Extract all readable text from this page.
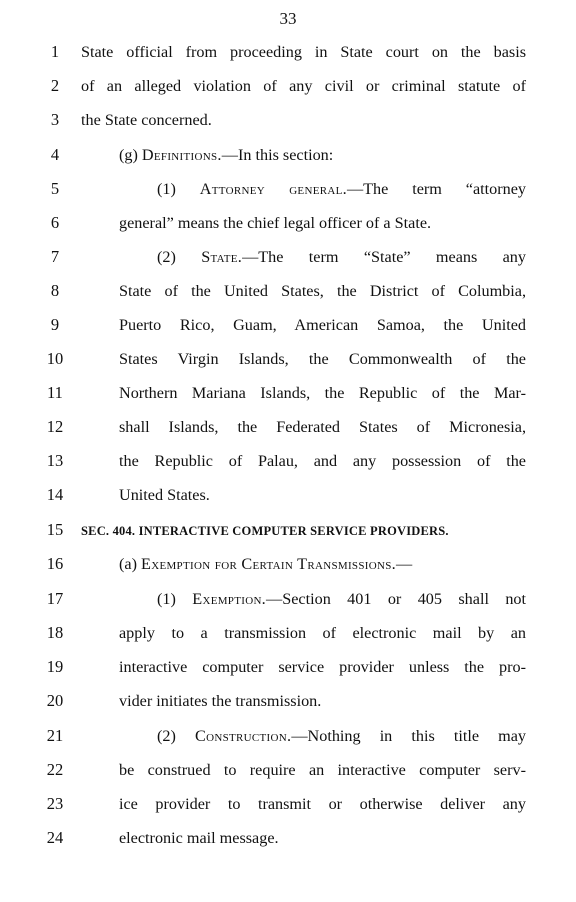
33
1	State official from proceeding in State court on the basis
2	of an alleged violation of any civil or criminal statute of
3	the State concerned.
4	(g) Definitions.—In this section:
5	(1) Attorney general.—The term “attorney
6	general” means the chief legal officer of a State.
7	(2) State.—The term “State” means any
8	State of the United States, the District of Columbia,
9	Puerto Rico, Guam, American Samoa, the United
10	States Virgin Islands, the Commonwealth of the
11	Northern Mariana Islands, the Republic of the Mar-
12	shall Islands, the Federated States of Micronesia,
13	the Republic of Palau, and any possession of the
14	United States.
15	SEC. 404. INTERACTIVE COMPUTER SERVICE PROVIDERS.
16	(a) Exemption for Certain Transmissions.—
17	(1) Exemption.—Section 401 or 405 shall not
18	apply to a transmission of electronic mail by an
19	interactive computer service provider unless the pro-
20	vider initiates the transmission.
21	(2) Construction.—Nothing in this title may
22	be construed to require an interactive computer serv-
23	ice provider to transmit or otherwise deliver any
24	electronic mail message.
